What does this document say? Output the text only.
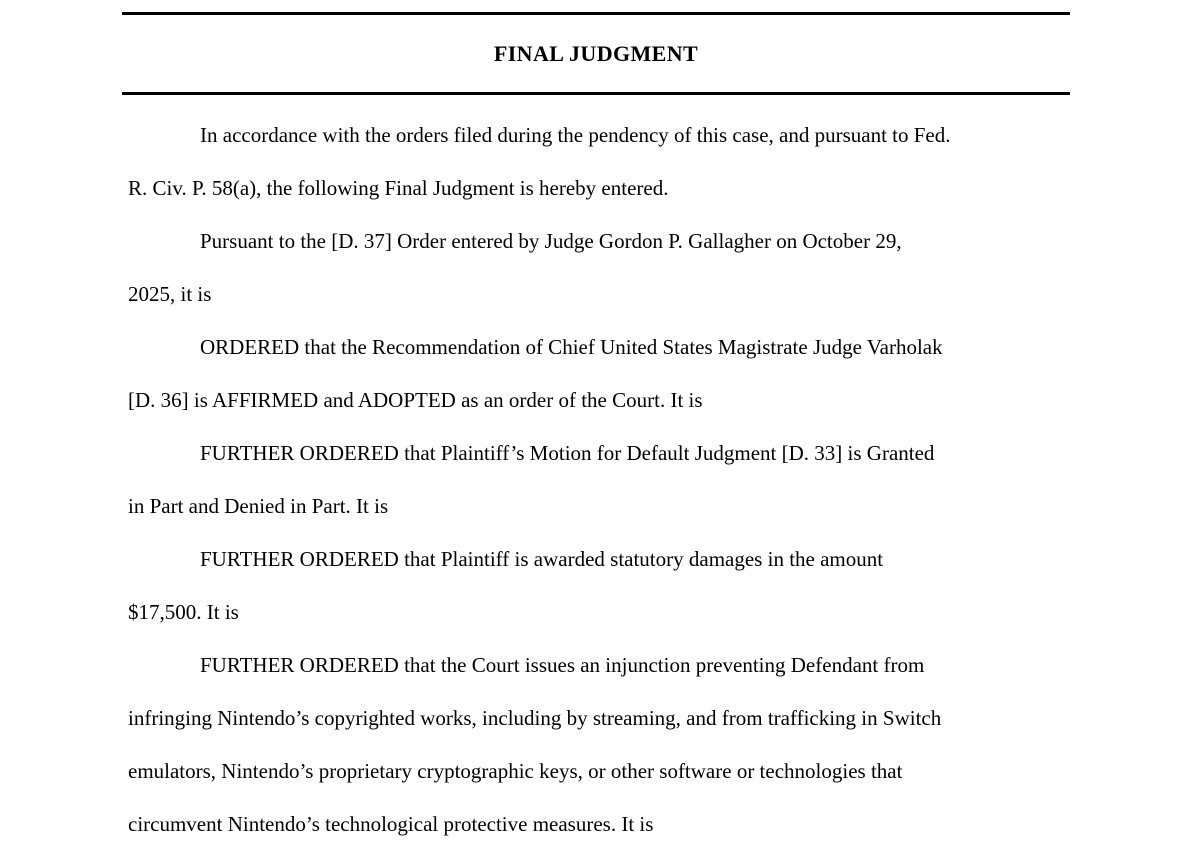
FINAL JUDGMENT

In accordance with the orders filed during the pendency of this case, and pursuant to Fed.
R. Civ. P. 58(a), the following Final Judgment is hereby entered.

Pursuant to the [D. 37] Order entered by Judge Gordon P. Gallagher on October 29,
2025, it is

ORDERED that the Recommendation of Chief United States Magistrate Judge Varholak
[D. 36] is AFFIRMED and ADOPTED as an order of the Court. It is

FURTHER ORDERED that Plaintiff’s Motion for Default Judgment [D. 33] is Granted
in Part and Denied in Part. It is

FURTHER ORDERED that Plaintiff is awarded statutory damages in the amount
$17,500. It is

FURTHER ORDERED that the Court issues an injunction preventing Defendant from
infringing Nintendo’s copyrighted works, including by streaming, and from trafficking in Switch
emulators, Nintendo’s proprietary cryptographic keys, or other software or technologies that
circumvent Nintendo’s technological protective measures. It is
